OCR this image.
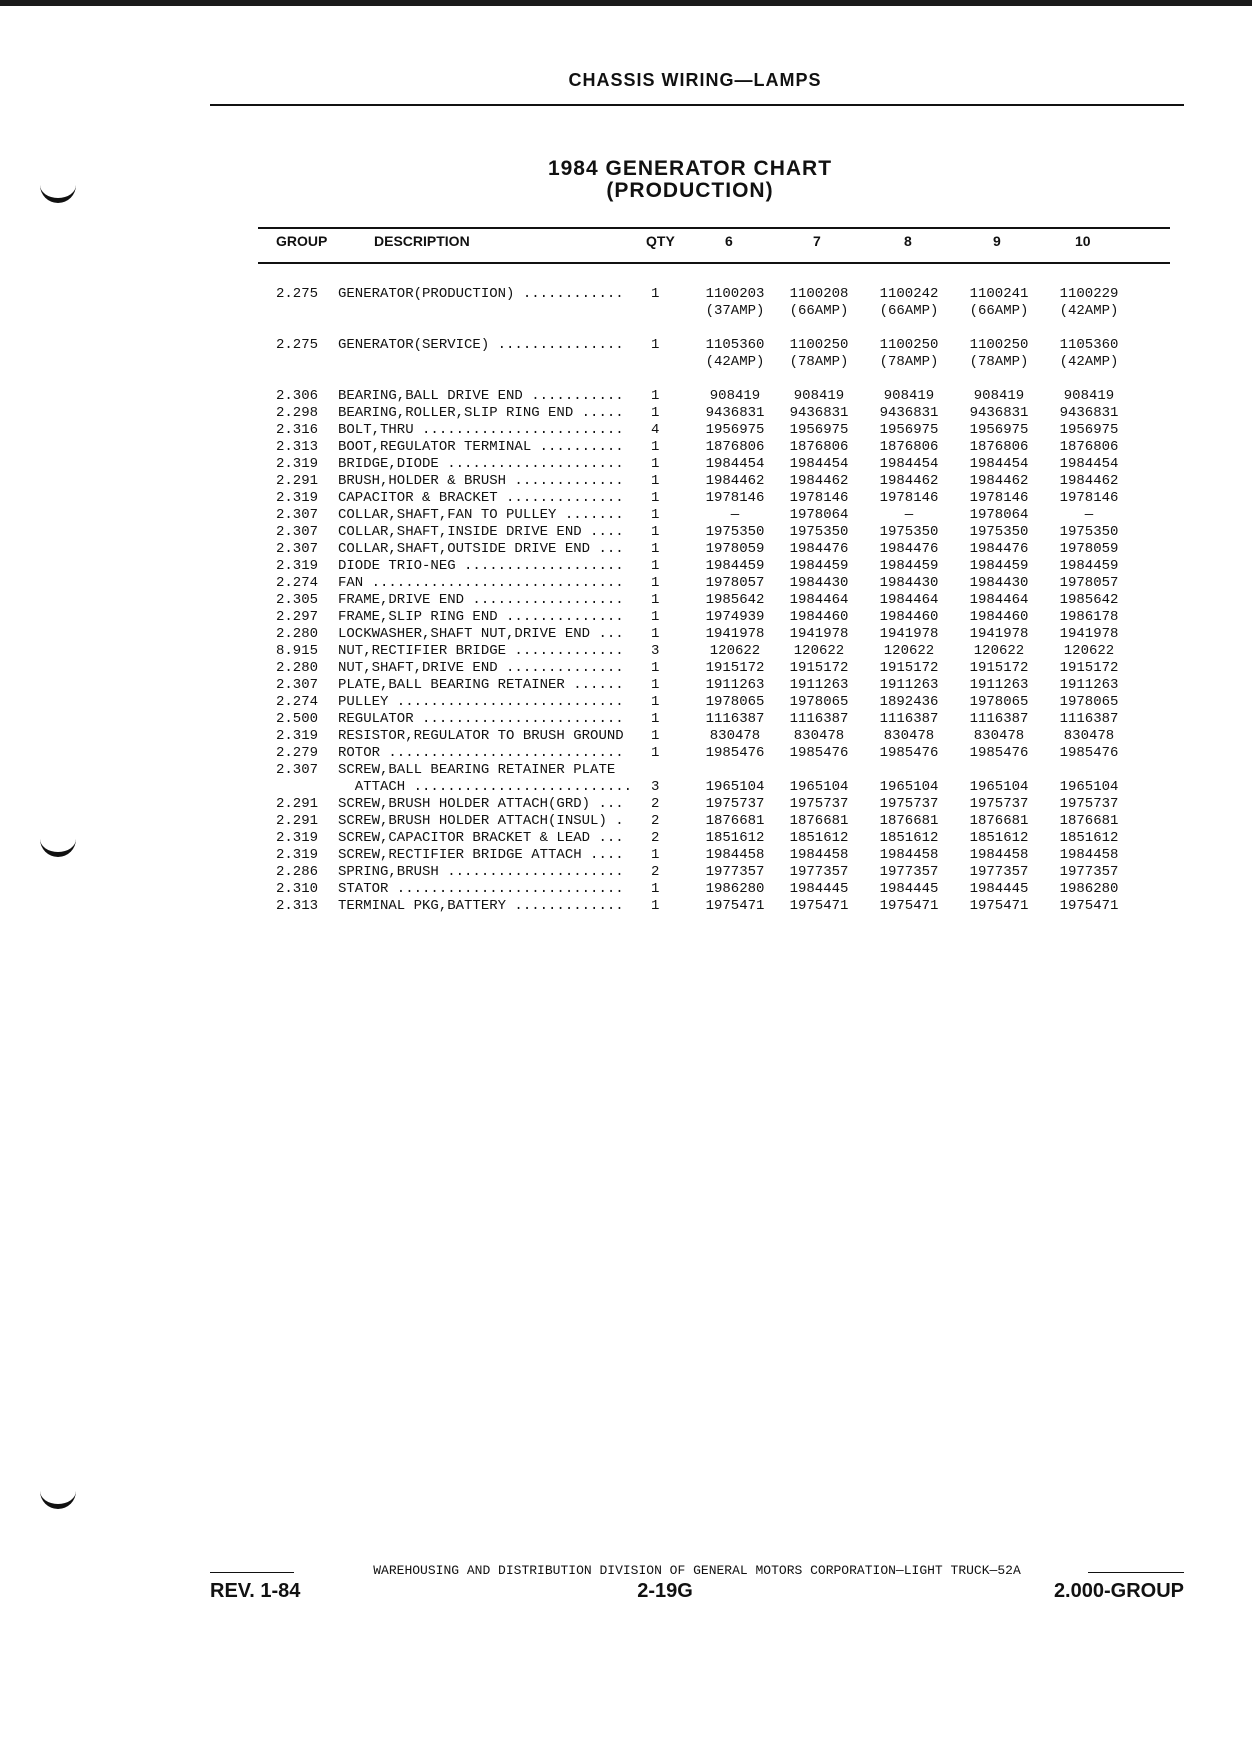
CHASSIS WIRING—LAMPS
1984 GENERATOR CHART
(PRODUCTION)
GROUP	DESCRIPTION	QTY	6	7	8	9	10
2.275 GENERATOR(PRODUCTION) ............ 1	1100203	1100208	1100242	1100241	1100229
(37AMP)	(66AMP)	(66AMP)	(66AMP)	(42AMP)
2.275 GENERATOR(SERVICE) ............... 1	1105360	1100250	1100250	1100250	1105360
(42AMP)	(78AMP)	(78AMP)	(78AMP)	(42AMP)
2.306 BEARING,BALL DRIVE END ........... 1	908419	908419	908419	908419	908419
2.298 BEARING,ROLLER,SLIP RING END ..... 1	9436831	9436831	9436831	9436831	9436831
2.316 BOLT,THRU ........................ 4	1956975	1956975	1956975	1956975	1956975
2.313 BOOT,REGULATOR TERMINAL .......... 1	1876806	1876806	1876806	1876806	1876806
2.319 BRIDGE,DIODE ..................... 1	1984454	1984454	1984454	1984454	1984454
2.291 BRUSH,HOLDER & BRUSH ............. 1	1984462	1984462	1984462	1984462	1984462
2.319 CAPACITOR & BRACKET .............. 1	1978146	1978146	1978146	1978146	1978146
2.307 COLLAR,SHAFT,FAN TO PULLEY ....... 1	—	1978064	—	1978064	—
2.307 COLLAR,SHAFT,INSIDE DRIVE END .... 1	1975350	1975350	1975350	1975350	1975350
2.307 COLLAR,SHAFT,OUTSIDE DRIVE END ... 1	1978059	1984476	1984476	1984476	1978059
2.319 DIODE TRIO-NEG ................... 1	1984459	1984459	1984459	1984459	1984459
2.274 FAN .............................. 1	1978057	1984430	1984430	1984430	1978057
2.305 FRAME,DRIVE END .................. 1	1985642	1984464	1984464	1984464	1985642
2.297 FRAME,SLIP RING END .............. 1	1974939	1984460	1984460	1984460	1986178
2.280 LOCKWASHER,SHAFT NUT,DRIVE END ... 1	1941978	1941978	1941978	1941978	1941978
8.915 NUT,RECTIFIER BRIDGE ............. 3	120622	120622	120622	120622	120622
2.280 NUT,SHAFT,DRIVE END .............. 1	1915172	1915172	1915172	1915172	1915172
2.307 PLATE,BALL BEARING RETAINER ...... 1	1911263	1911263	1911263	1911263	1911263
2.274 PULLEY ........................... 1	1978065	1978065	1892436	1978065	1978065
2.500 REGULATOR ........................ 1	1116387	1116387	1116387	1116387	1116387
2.319 RESISTOR,REGULATOR TO BRUSH GROUND 1	830478	830478	830478	830478	830478
2.279 ROTOR ............................ 1	1985476	1985476	1985476	1985476	1985476
2.307 SCREW,BALL BEARING RETAINER PLATE
ATTACH .......................... 3	1965104	1965104	1965104	1965104	1965104
2.291 SCREW,BRUSH HOLDER ATTACH(GRD) ... 2	1975737	1975737	1975737	1975737	1975737
2.291 SCREW,BRUSH HOLDER ATTACH(INSUL) . 2	1876681	1876681	1876681	1876681	1876681
2.319 SCREW,CAPACITOR BRACKET & LEAD ... 2	1851612	1851612	1851612	1851612	1851612
2.319 SCREW,RECTIFIER BRIDGE ATTACH .... 1	1984458	1984458	1984458	1984458	1984458
2.286 SPRING,BRUSH ..................... 2	1977357	1977357	1977357	1977357	1977357
2.310 STATOR ........................... 1	1986280	1984445	1984445	1984445	1986280
2.313 TERMINAL PKG,BATTERY ............. 1	1975471	1975471	1975471	1975471	1975471
WAREHOUSING AND DISTRIBUTION DIVISION OF GENERAL MOTORS CORPORATION—LIGHT TRUCK—52A
REV. 1-84	2-19G	2.000-GROUP
